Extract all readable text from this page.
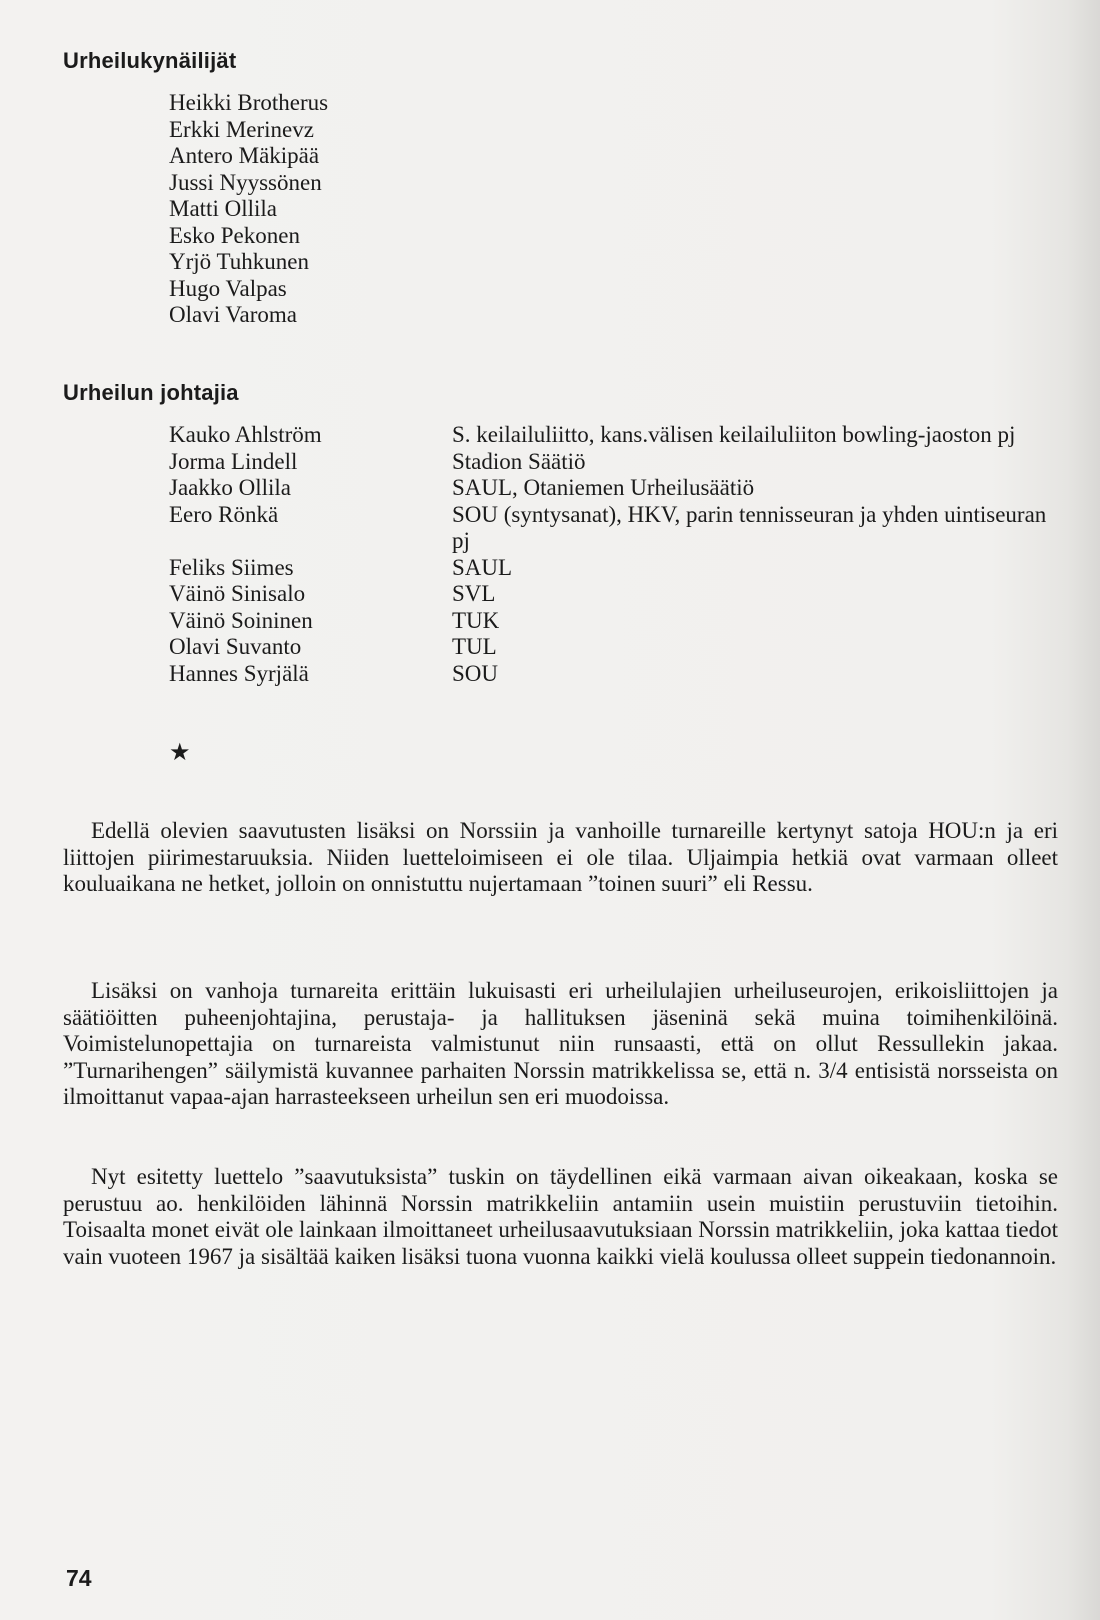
Urheilukynäilijät
Heikki Brotherus
Erkki Merinevz
Antero Mäkipää
Jussi Nyyssönen
Matti Ollila
Esko Pekonen
Yrjö Tuhkunen
Hugo Valpas
Olavi Varoma
Urheilun johtajia
Kauko Ahlström	S. keilailuliitto, kans.välisen keilailuliiton bowling-jaoston pj
Jorma Lindell	Stadion Säätiö
Jaakko Ollila	SAUL, Otaniemen Urheilusäätiö
Eero Rönkä	SOU (syntysanat), HKV, parin tennisseuran ja yhden uintiseuran pj
Feliks Siimes	SAUL
Väinö Sinisalo	SVL
Väinö Soininen	TUK
Olavi Suvanto	TUL
Hannes Syrjälä	SOU
★

Edellä olevien saavutusten lisäksi on Norssiin ja vanhoille turnareille kertynyt satoja HOU:n ja eri liittojen piirimestaruuksia. Niiden luetteloimiseen ei ole tilaa. Uljaimpia hetkiä ovat varmaan olleet kouluaikana ne hetket, jolloin on onnistuttu nujertamaan ”toinen suuri” eli Ressu.

Lisäksi on vanhoja turnareita erittäin lukuisasti eri urheilulajien urheiluseurojen, erikoisliittojen ja säätiöitten puheenjohtajina, perustaja- ja hallituksen jäseninä sekä muina toimihenkilöinä. Voimistelunopettajia on turnareista valmistunut niin runsaasti, että on ollut Ressullekin jakaa. ”Turnarihengen” säilymistä kuvannee parhaiten Norssin matrikkelissa se, että n. 3/4 entisistä norsseista on ilmoittanut vapaa-ajan harrasteekseen urheilun sen eri muodoissa.

Nyt esitetty luettelo ”saavutuksista” tuskin on täydellinen eikä varmaan aivan oikeakaan, koska se perustuu ao. henkilöiden lähinnä Norssin matrikkeliin antamiin usein muistiin perustuviin tietoihin. Toisaalta monet eivät ole lainkaan ilmoittaneet urheilusaavutuksiaan Norssin matrikkeliin, joka kattaa tiedot vain vuoteen 1967 ja sisältää kaiken lisäksi tuona vuonna kaikki vielä koulussa olleet suppein tiedonannoin.

74
